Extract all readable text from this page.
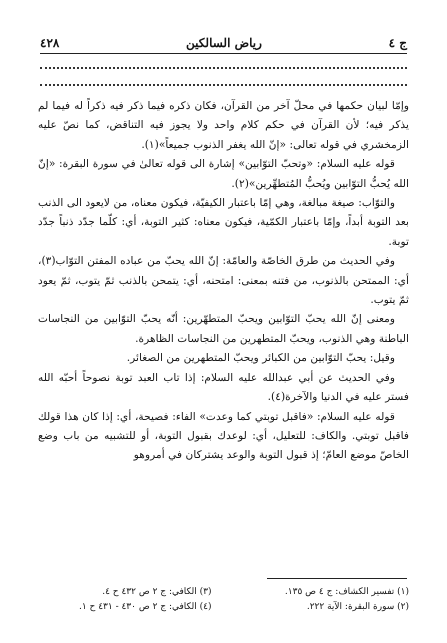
٤٢٨	رياض السالكين	ج ٤

وإمّا لبيان حكمها في محلّ آخر من القرآن، فكان ذكره فيما ذكر فيه ذكراً له فيما لم يذكر فيه؛ لأن القرآن في حكم كلام واحد ولا يجوز فيه التناقض، كما نصّ عليه الزمخشري في قوله تعالى: «إنّ الله يغفر الذنوب جميعاً»(١).

قوله عليه السلام: «وتحبّ التوّابين» إشارة الى قوله تعالىٰ في سورة البقرة: «إنّ الله يُحبُّ التوّابين ويُحبُّ المُتطهِّرين»(٢).

والتوّاب: صيغة مبالغة، وهي إمّا باعتبار الكيفيّة، فيكون معناه، من لايعود الى الذنب بعد التوبة أبداً، وإمّا باعتبار الكمّية، فيكون معناه: كثير التوبة، أي: كلّما جدّد ذنباً جدّد توبة.

وفي الحديث من طرق الخاصّة والعامّة: إنّ الله يحبّ من عباده المفتن التوّاب(٣)، أي: الممتحن بالذنوب، من فتنه بمعنى: امتحنه، أي: يتمحن بالذنب ثمّ يتوب، ثمّ يعود ثمّ يتوب.

ومعنى إنّ الله يحبّ التوّابين ويحبّ المتطهّرين: أنّه يحبّ التوّابين من النجاسات الباطنة وهي الذنوب، ويحبّ المتطهرين من النجاسات الظاهرة.

وقيل: يحبّ التوّابين من الكبائر ويحبّ المتطهرين من الصغائر.

وفي الحديث عن أبي عبدالله عليه السلام: إذا تاب العبد توبة نصوحاً أحبّه الله فستر عليه في الدنيا والآخرة(٤).

قوله عليه السلام: «فاقبل توبتي كما وعدت» الفاء: فصيحة، أي: إذا كان هذا قولك فاقبل توبتي. والكاف: للتعليل، أي: لوعدك بقبول التوبة، أو للتشبيه من باب وضع الخاصّ موضع العامّ؛ إذ قبول التوبة والوعد يشتركان في أمروهو

(١) تفسير الكشاف: ج ٤ ص ١٣٥.
(٣) الكافي: ج ٢ ص ٤٣٢ ح ٤.
(٢) سورة البقرة: الآية ٢٢٢.
(٤) الكافي: ج ٢ ص ٤٣٠ - ٤٣١ ح ١.
